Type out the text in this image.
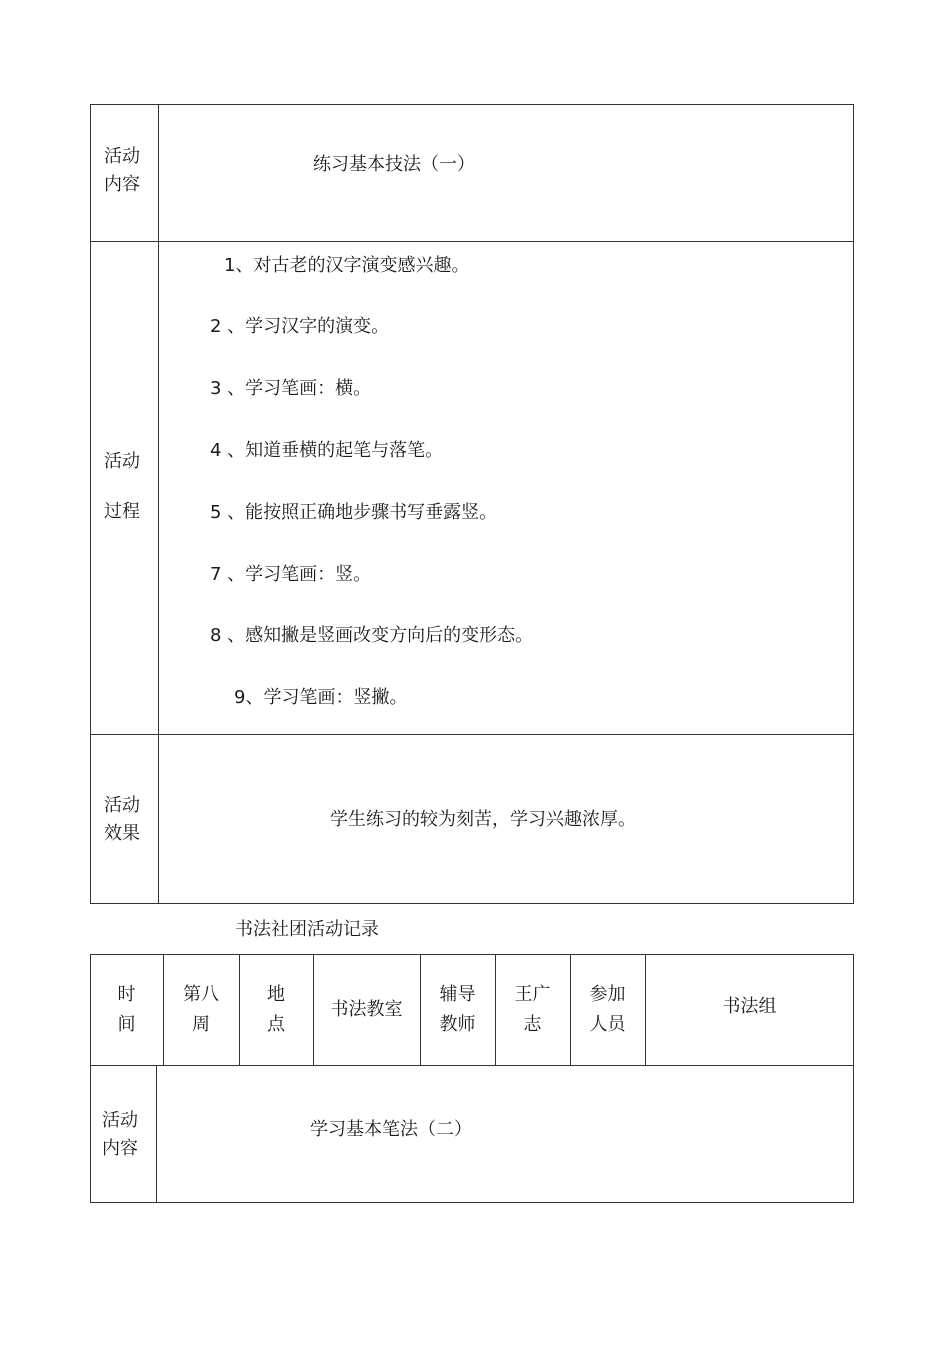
活动
内容
练习基本技法（一）
活动
过程
1、对古老的汉字演变感兴趣。
2 、学习汉字的演变。
3 、学习笔画：横。
4 、知道垂横的起笔与落笔。
5 、能按照正确地步骤书写垂露竖。
7 、学习笔画：竖。
8 、感知撇是竖画改变方向后的变形态。
9、学习笔画：竖撇。
活动
效果
学生练习的较为刻苦，学习兴趣浓厚。
书法社团活动记录
时
间
第八
周
地
点
书法教室
辅导
教师
王广
志
参加
人员
书法组
活动
内容
学习基本笔法（二）
